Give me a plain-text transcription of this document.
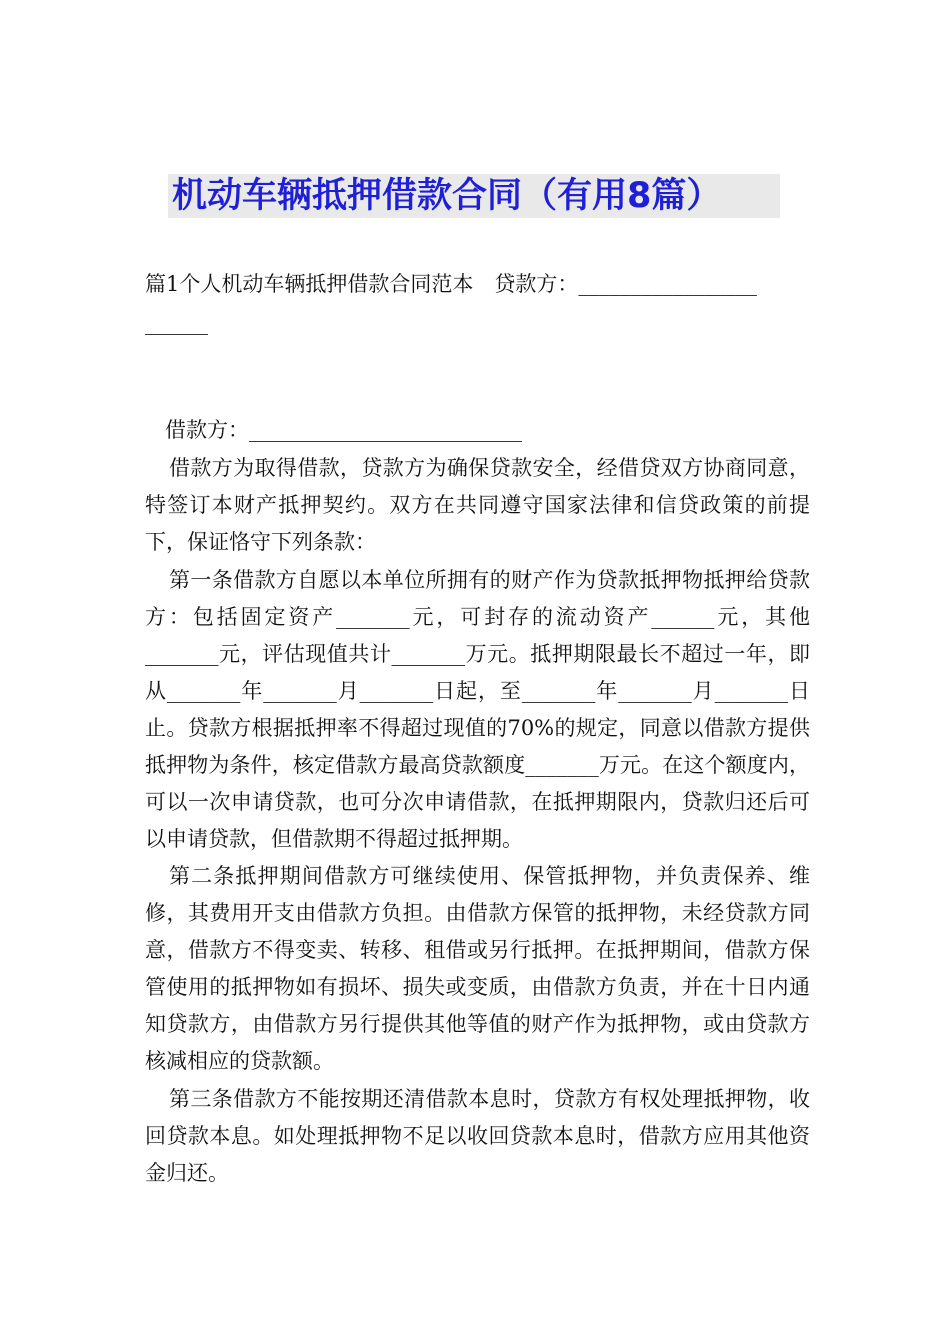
机动车辆抵押借款合同（有用8篇）
篇1个人机动车辆抵押借款合同范本　贷款方：_________________
______
借款方：__________________________

借款方为取得借款，贷款方为确保贷款安全，经借贷双方协商同意，特签订本财产抵押契约。双方在共同遵守国家法律和信贷政策的前提下，保证恪守下列条款：

第一条借款方自愿以本单位所拥有的财产作为贷款抵押物抵押给贷款方：包括固定资产_______元，可封存的流动资产______元，其他_______元，评估现值共计_______万元。抵押期限最长不超过一年，即从_______年_______月_______日起，至_______年_______月_______日止。贷款方根据抵押率不得超过现值的70%的规定，同意以借款方提供抵押物为条件，核定借款方最高贷款额度_______万元。在这个额度内，可以一次申请贷款，也可分次申请借款，在抵押期限内，贷款归还后可以申请贷款，但借款期不得超过抵押期。

第二条抵押期间借款方可继续使用、保管抵押物，并负责保养、维修，其费用开支由借款方负担。由借款方保管的抵押物，未经贷款方同意，借款方不得变卖、转移、租借或另行抵押。在抵押期间，借款方保管使用的抵押物如有损坏、损失或变质，由借款方负责，并在十日内通知贷款方，由借款方另行提供其他等值的财产作为抵押物，或由贷款方核减相应的贷款额。

第三条借款方不能按期还清借款本息时，贷款方有权处理抵押物，收回贷款本息。如处理抵押物不足以收回贷款本息时，借款方应用其他资金归还。
